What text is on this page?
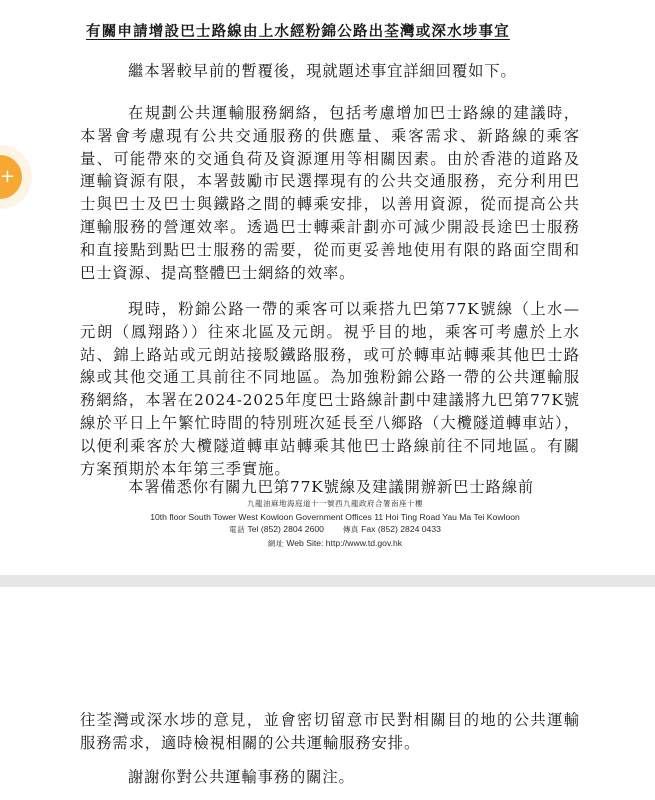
有關申請增設巴士路線由上水經粉錦公路出荃灣或深水埗事宜
繼本署較早前的暫覆後，現就題述事宜詳細回覆如下。
在規劃公共運輸服務網絡，包括考慮增加巴士路線的建議時，本署會考慮現有公共交通服務的供應量、乘客需求、新路線的乘客量、可能帶來的交通負荷及資源運用等相關因素。由於香港的道路及運輸資源有限，本署鼓勵市民選擇現有的公共交通服務，充分利用巴士與巴士及巴士與鐵路之間的轉乘安排，以善用資源，從而提高公共運輸服務的營運效率。透過巴士轉乘計劃亦可減少開設長途巴士服務和直接點到點巴士服務的需要，從而更妥善地使用有限的路面空間和巴士資源、提高整體巴士網絡的效率。
現時，粉錦公路一帶的乘客可以乘搭九巴第77K號線（上水—元朗（鳳翔路））往來北區及元朗。視乎目的地，乘客可考慮於上水站、錦上路站或元朗站接駁鐵路服務，或可於轉車站轉乘其他巴士路線或其他交通工具前往不同地區。為加強粉錦公路一帶的公共運輸服務網絡，本署在2024-2025年度巴士路線計劃中建議將九巴第77K號線於平日上午繁忙時間的特別班次延長至八鄉路（大欖隧道轉車站），以便利乘客於大欖隧道轉車站轉乘其他巴士路線前往不同地區。有關方案預期於本年第三季實施。
本署備悉你有關九巴第77K號線及建議開辦新巴士路線前
九龍油麻地海庭道十一號西九龍政府合署南座十樓
10th floor South Tower West Kowloon Government Offices 11 Hoi Ting Road Yau Ma Tei Kowloon
電話 Tel (852) 2804 2600	傳真 Fax (852) 2824 0433
網址 Web Site: http://www.td.gov.hk
往荃灣或深水埗的意見，並會密切留意市民對相關目的地的公共運輸服務需求，適時檢視相關的公共運輸服務安排。
謝謝你對公共運輸事務的關注。
+
